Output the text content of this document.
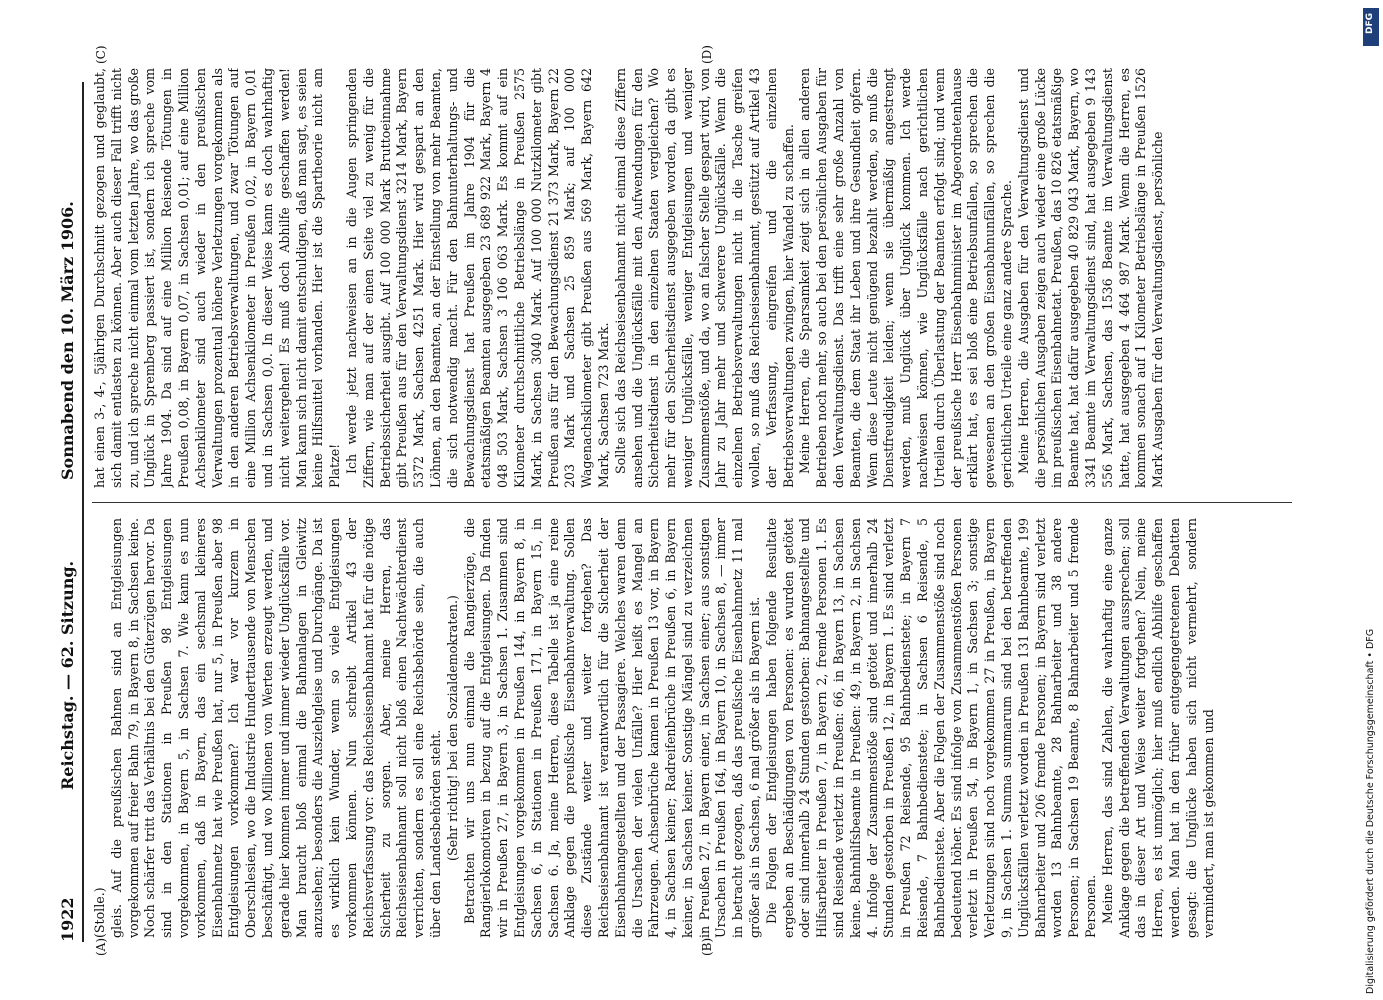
1922
Reichstag. — 62. Sitzung.
Sonnabend den 10. März 1906.
(A)	(B)
(C)	(D)

(Stolle.) gleis. Auf die preußischen Bahnen sind an Entgleisungen vorgekommen auf freier Bahn 79, in Bayern 8, in Sachsen keine. Noch schärfer tritt das Verhältnis bei den Güterzügen hervor. Da sind in den Stationen in Preußen 98 Entgleisungen vorgekommen, in Bayern 5, in Sachsen 7. Wie kann es nun vorkommen, daß in Bayern, das ein sechsmal kleineres Eisenbahnnetz hat wie Preußen hat, nur 5, in Preußen aber 98 Entgleisungen vorkommen? Ich war vor kurzem in Oberschlesien, wo die Industrie Hunderttausende von Menschen beschäftigt, und wo Millionen von Werten erzeugt werden, und gerade hier kommen immer und immer wieder Unglücksfälle vor. Man braucht bloß einmal die Bahnanlagen in Gleiwitz anzusehen; besonders die Ausziehgleise und Durchgänge. Da ist es wirklich kein Wunder, wenn so viele Entgleisungen vorkommen können. Nun schreibt Artikel 43 der Reichsverfassung vor: das Reichseisenbahnamt hat für die nötige Sicherheit zu sorgen. Aber, meine Herren, das Reichseisenbahnamt soll nicht bloß einen Nachtwächterdienst verrichten, sondern es soll eine Reichsbehörde sein, die auch über den Landesbehörden steht. (Sehr richtig! bei den Sozialdemokraten.) Betrachten wir uns nun einmal die Rangierzüge, die Rangierlokomotiven in bezug auf die Entgleisungen. Da finden wir in Preußen 27, in Bayern 3, in Sachsen 1. Zusammen sind Entgleisungen vorgekommen in Preußen 144, in Bayern 8, in Sachsen 6, in Stationen in Preußen 171, in Bayern 15, in Sachsen 6. Ja, meine Herren, diese Tabelle ist ja eine reine Anklage gegen die preußische Eisenbahnverwaltung. Sollen diese Zustände weiter und weiter fortgehen? Das Reichseisenbahnamt ist verantwortlich für die Sicherheit der Eisenbahnangestellten und der Passagiere. Welches waren denn die Ursachen der vielen Unfälle? Hier heißt es Mangel an Fahrzeugen. Achsenbrüche kamen in Preußen 13 vor, in Bayern 4, in Sachsen keiner; Radreifenbrüche in Preußen 6, in Bayern keiner, in Sachsen keiner. Sonstige Mängel sind zu verzeichnen in Preußen 27, in Bayern einer, in Sachsen einer; aus sonstigen Ursachen in Preußen 164, in Bayern 10, in Sachsen 8, — immer in betracht gezogen, daß das preußische Eisenbahnnetz 11 mal größer als in Sachsen, 6 mal größer als in Bayern ist. Die Folgen der Entgleisungen haben folgende Resultate ergeben an Beschädigungen von Personen: es wurden getötet oder sind innerhalb 24 Stunden gestorben: Bahnangestellte und Hilfsarbeiter in Preußen 7, in Bayern 2, fremde Personen 1. Es sind Reisende verletzt in Preußen: 66, in Bayern 13, in Sachsen keine. Bahnhilfsbeamte in Preußen: 49, in Bayern 2, in Sachsen 4. Infolge der Zusammenstöße sind getötet und innerhalb 24 Stunden gestorben in Preußen 12, in Bayern 1. Es sind verletzt in Preußen 72 Reisende, 95 Bahnbedienstete; in Bayern 7 Reisende, 7 Bahnbedienstete; in Sachsen 6 Reisende, 5 Bahnbedienstete. Aber die Folgen der Zusammenstöße sind noch bedeutend höher. Es sind infolge von Zusammenstößen Personen verletzt in Preußen 54, in Bayern 1, in Sachsen 3; sonstige Verletzungen sind noch vorgekommen 27 in Preußen, in Bayern 9, in Sachsen 1. Summa summarum sind bei den betreffenden Unglücksfällen verletzt worden in Preußen 131 Bahnbeamte, 199 Bahnarbeiter und 206 fremde Personen; in Bayern sind verletzt worden 13 Bahnbeamte, 28 Bahnarbeiter und 38 andere Personen; in Sachsen 19 Beamte, 8 Bahnarbeiter und 5 fremde Personen. Meine Herren, das sind Zahlen, die wahrhaftig eine ganze Anklage gegen die betreffenden Verwaltungen aussprechen; soll das in dieser Art und Weise weiter fortgehen? Nein, meine Herren, es ist unmöglich; hier muß endlich Abhilfe geschaffen werden. Man hat in den früher entgegengetretenen Debatten gesagt: die Unglücke haben sich nicht vermehrt, sondern vermindert, man ist gekommen und

hat einen 3-, 4-, 5jährigen Durchschnitt gezogen und geglaubt, sich damit entlasten zu können. Aber auch dieser Fall trifft nicht zu, und ich spreche nicht einmal vom letzten Jahre, wo das große Unglück in Spremberg passiert ist, sondern ich spreche vom Jahre 1904. Da sind auf eine Million Reisende Tötungen in Preußen 0,08, in Bayern 0,07, in Sachsen 0,01; auf eine Million Achsenkilometer sind auch wieder in den preußischen Verwaltungen prozentual höhere Verletzungen vorgekommen als in den anderen Betriebsverwaltungen, und zwar Tötungen auf eine Million Achsenkilometer in Preußen 0,02, in Bayern 0,01 und in Sachsen 0,0. In dieser Weise kann es doch wahrhaftig nicht weitergehen! Es muß doch Abhilfe geschaffen werden! Man kann sich nicht damit entschuldigen, daß man sagt, es seien keine Hilfsmittel vorhanden. Hier ist die Spartheorie nicht am Platze! Ich werde jetzt nachweisen an in die Augen springenden Ziffern, wie man auf der einen Seite viel zu wenig für die Betriebssicherheit ausgibt. Auf 100 000 Mark Bruttoeinnahme gibt Preußen aus für den Verwaltungsdienst 3214 Mark, Bayern 5372 Mark, Sachsen 4251 Mark. Hier wird gespart an den Löhnen, an den Beamten, an der Einstellung von mehr Beamten, die sich notwendig macht. Für den Bahnunterhaltungs- und Bewachungsdienst hat Preußen im Jahre 1904 für die etatsmäßigen Beamten ausgegeben 23 689 922 Mark, Bayern 4 048 503 Mark, Sachsen 3 106 063 Mark. Es kommt auf ein Kilometer durchschnittliche Betriebslänge in Preußen 2575 Mark, in Sachsen 3040 Mark. Auf 100 000 Nutzkilometer gibt Preußen aus für den Bewachungsdienst 21 373 Mark, Bayern 22 203 Mark und Sachsen 25 859 Mark; auf 100 000 Wagenachskilometer gibt Preußen aus 569 Mark, Bayern 642 Mark, Sachsen 723 Mark. Sollte sich das Reichseisenbahnamt nicht einmal diese Ziffern ansehen und die Unglücksfälle mit den Aufwendungen für den Sicherheitsdienst in den einzelnen Staaten vergleichen? Wo mehr für den Sicherheitsdienst ausgegeben worden, da gibt es weniger Unglücksfälle, weniger Entgleisungen und weniger Zusammenstöße, und da, wo an falscher Stelle gespart wird, von Jahr zu Jahr mehr und schwerere Unglücksfälle. Wenn die einzelnen Betriebsverwaltungen nicht in die Tasche greifen wollen, so muß das Reichseisenbahnamt, gestützt auf Artikel 43 der Verfassung, eingreifen und die einzelnen Betriebsverwaltungen zwingen, hier Wandel zu schaffen. Meine Herren, die Sparsamkeit zeigt sich in allen anderen Betrieben noch mehr, so auch bei den persönlichen Ausgaben für den Verwaltungsdienst. Das trifft eine sehr große Anzahl von Beamten, die dem Staat ihr Leben und ihre Gesundheit opfern. Wenn diese Leute nicht genügend bezahlt werden, so muß die Dienstfreudigkeit leiden; wenn sie übermäßig angestrengt werden, muß Unglück über Unglück kommen. Ich werde nachweisen können, wie Unglücksfälle nach gerichtlichen Urteilen durch Überlastung der Beamten erfolgt sind; und wenn der preußische Herr Eisenbahnminister im Abgeordnetenhause erklärt hat, es sei bloß eine Betriebsunfallen, so sprechen die gewesenen an den großen Eisenbahnunfällen, so sprechen die gerichtlichen Urteile eine ganz andere Sprache. Meine Herren, die Ausgaben für den Verwaltungsdienst und die persönlichen Ausgaben zeigen auch wieder eine große Lücke im preußischen Eisenbahnetat. Preußen, das 10 826 etatsmäßige Beamte hat, hat dafür ausgegeben 40 829 043 Mark, Bayern, wo 3341 Beamte im Verwaltungsdienst sind, hat ausgegeben 9 143 556 Mark, Sachsen, das 1536 Beamte im Verwaltungsdienst hatte, hat ausgegeben 4 464 987 Mark. Wenn die Herren, es kommen sonach auf 1 Kilometer Betriebslänge in Preußen 1526 Mark Ausgaben für den Verwaltungsdienst, persönliche

Digitalisierung gefördert durch die Deutsche Forschungsgemeinschaft • DFG
DFG
